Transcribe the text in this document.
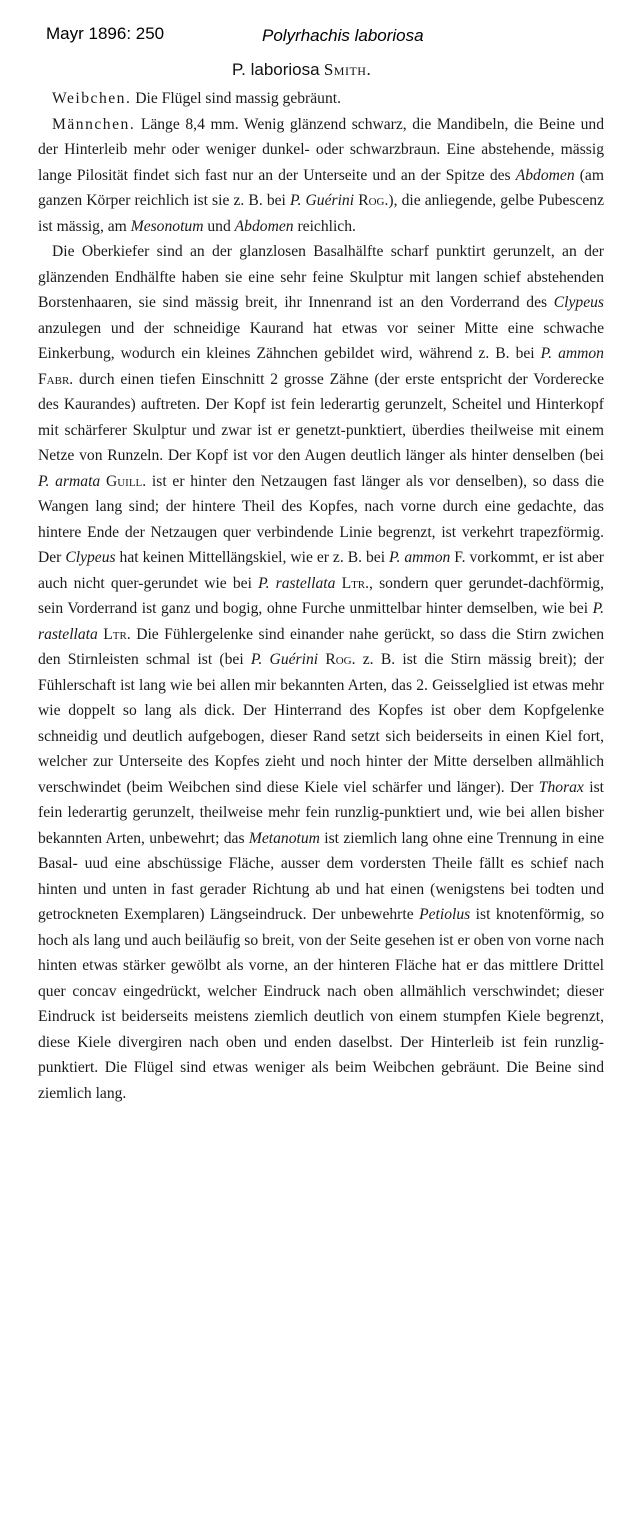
Mayr 1896: 250	Polyrhachis laboriosa
P. laboriosa Smith.

Weibchen. Die Flügel sind massig gebräunt.

Männchen. Länge 8,4 mm. Wenig glänzend schwarz, die Mandibeln, die Beine und der Hinterleib mehr oder weniger dunkel- oder schwarzbraun. Eine abstehende, mässig lange Pilosität findet sich fast nur an der Unterseite und an der Spitze des Abdomen (am ganzen Körper reichlich ist sie z. B. bei P. Guérini Rog.), die anliegende, gelbe Pubescenz ist mässig, am Mesonotum und Abdomen reichlich.

Die Oberkiefer sind an der glanzlosen Basalhälfte scharf punktirt gerunzelt, an der glänzenden Endhälfte haben sie eine sehr feine Skulptur mit langen schief abstehenden Borstenhaaren, sie sind mässig breit, ihr Innenrand ist an den Vorderrand des Clypeus anzulegen und der schneidige Kaurand hat etwas vor seiner Mitte eine schwache Einkerbung, wodurch ein kleines Zähnchen gebildet wird, während z. B. bei P. ammon Fabr. durch einen tiefen Einschnitt 2 grosse Zähne (der erste entspricht der Vorderecke des Kaurandes) auftreten. Der Kopf ist fein lederartig gerunzelt, Scheitel und Hinterkopf mit schärferer Skulptur und zwar ist er genetzt-punktiert, überdies theilweise mit einem Netze von Runzeln. Der Kopf ist vor den Augen deutlich länger als hinter denselben (bei P. armata Guill. ist er hinter den Netzaugen fast länger als vor denselben), so dass die Wangen lang sind; der hintere Theil des Kopfes, nach vorne durch eine gedachte, das hintere Ende der Netzaugen quer verbindende Linie begrenzt, ist verkehrt trapezförmig. Der Clypeus hat keinen Mittellängskiel, wie er z. B. bei P. ammon F. vorkommt, er ist aber auch nicht quer-gerundet wie bei P. rastellata Ltr., sondern quer gerundet-dachförmig, sein Vorderrand ist ganz und bogig, ohne Furche unmittelbar hinter demselben, wie bei P. rastellata Ltr. Die Fühlergelenke sind einander nahe gerückt, so dass die Stirn zwichen den Stirnleisten schmal ist (bei P. Guérini Rog. z. B. ist die Stirn mässig breit); der Fühlerschaft ist lang wie bei allen mir bekannten Arten, das 2. Geisselglied ist etwas mehr wie doppelt so lang als dick. Der Hinterrand des Kopfes ist ober dem Kopfgelenke schneidig und deutlich aufgebogen, dieser Rand setzt sich beiderseits in einen Kiel fort, welcher zur Unterseite des Kopfes zieht und noch hinter der Mitte derselben allmählich verschwindet (beim Weibchen sind diese Kiele viel schärfer und länger). Der Thorax ist fein lederartig gerunzelt, theilweise mehr fein runzlig-punktiert und, wie bei allen bisher bekannten Arten, unbewehrt; das Metanotum ist ziemlich lang ohne eine Trennung in eine Basal- uud eine abschüssige Fläche, ausser dem vordersten Theile fällt es schief nach hinten und unten in fast gerader Richtung ab und hat einen (wenigstens bei todten und getrockneten Exemplaren) Längseindruck. Der unbewehrte Petiolus ist knotenförmig, so hoch als lang und auch beiläufig so breit, von der Seite gesehen ist er oben von vorne nach hinten etwas stärker gewölbt als vorne, an der hinteren Fläche hat er das mittlere Drittel quer concav eingedrückt, welcher Eindruck nach oben allmählich verschwindet; dieser Eindruck ist beiderseits meistens ziemlich deutlich von einem stumpfen Kiele begrenzt, diese Kiele divergiren nach oben und enden daselbst. Der Hinterleib ist fein runzlig-punktiert. Die Flügel sind etwas weniger als beim Weibchen gebräunt. Die Beine sind ziemlich lang.
